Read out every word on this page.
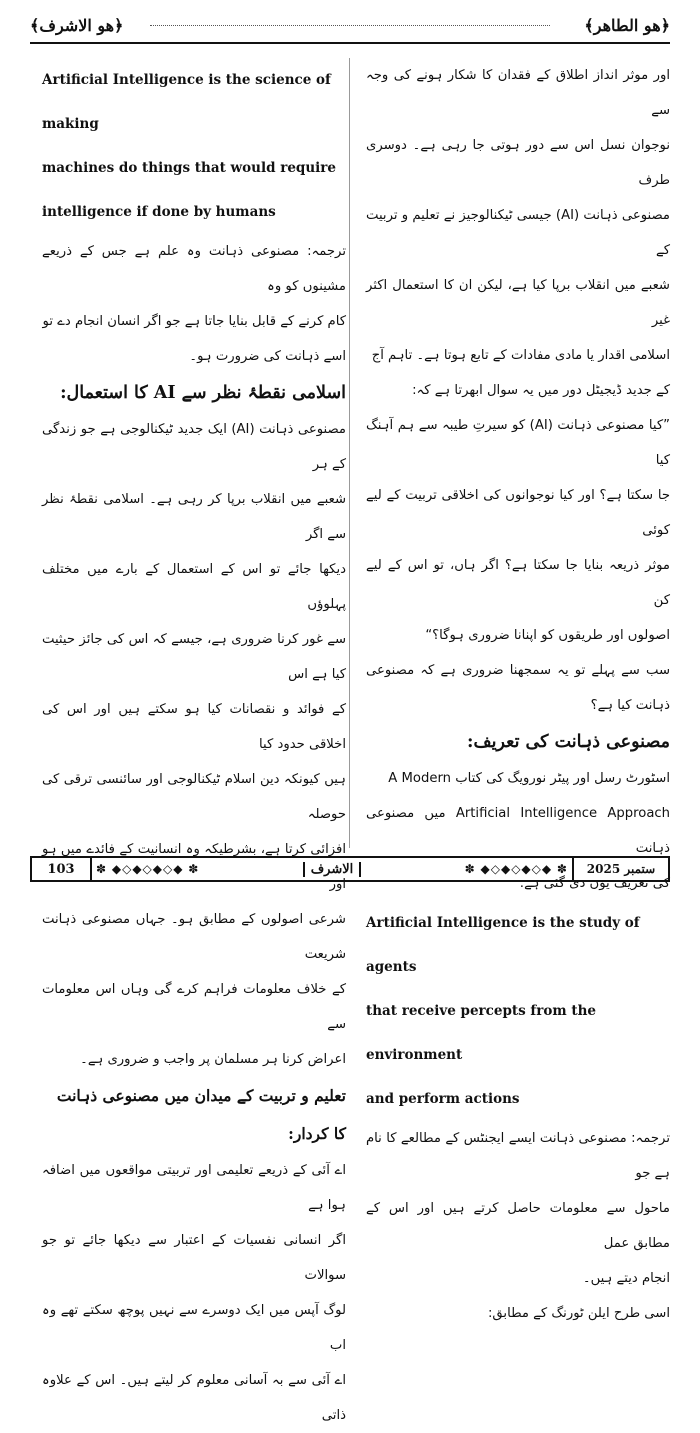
﴿هو الطاهر﴾
﴿هو الاشرف﴾

اور موثر انداز اطلاق کے فقدان کا شکار ہونے کی وجہ سے

نوجوان نسل اس سے دور ہوتی جا رہی ہے۔ دوسری طرف

مصنوعی ذہانت (AI) جیسی ٹیکنالوجیز نے تعلیم و تربیت کے

شعبے میں انقلاب برپا کیا ہے، لیکن ان کا استعمال اکثر غیر

اسلامی اقدار یا مادی مفادات کے تابع ہوتا ہے۔ تاہم آج

کے جدید ڈیجیٹل دور میں یہ سوال ابھرتا ہے کہ:

”کیا مصنوعی ذہانت (AI) کو سیرتِ طیبہ سے ہم آہنگ کیا

جا سکتا ہے؟ اور کیا نوجوانوں کی اخلاقی تربیت کے لیے کوئی

موثر ذریعہ بنایا جا سکتا ہے؟ اگر ہاں، تو اس کے لیے کن

اصولوں اور طریقوں کو اپنانا ضروری ہوگا؟“

سب سے پہلے تو یہ سمجھنا ضروری ہے کہ مصنوعی ذہانت کیا ہے؟

مصنوعی ذہانت کی تعریف:

اسٹورٹ رسل اور پیٹر نورویگ کی کتاب A Modern

Artificial Intelligence Approach میں مصنوعی ذہانت

کی تعریف یوں دی گئی ہے:

Artificial Intelligence is the study of agents

that receive percepts from the environment

and perform actions

ترجمہ: مصنوعی ذہانت ایسے ایجنٹس کے مطالعے کا نام ہے جو

ماحول سے معلومات حاصل کرتے ہیں اور اس کے مطابق عمل

انجام دیتے ہیں۔

اسی طرح ایلن ٹورنگ کے مطابق:

Artificial Intelligence is the science of making

machines do things that would require

intelligence if done by humans

ترجمہ: مصنوعی ذہانت وہ علم ہے جس کے ذریعے مشینوں کو وہ

کام کرنے کے قابل بنایا جاتا ہے جو اگر انسان انجام دے تو

اسے ذہانت کی ضرورت ہو۔

اسلامی نقطۂ نظر سے AI کا استعمال:

مصنوعی ذہانت (AI) ایک جدید ٹیکنالوجی ہے جو زندگی کے ہر

شعبے میں انقلاب برپا کر رہی ہے۔ اسلامی نقطۂ نظر سے اگر

دیکھا جائے تو اس کے استعمال کے بارے میں مختلف پہلوؤں

سے غور کرنا ضروری ہے، جیسے کہ اس کی جائز حیثیت کیا ہے اس

کے فوائد و نقصانات کیا ہو سکتے ہیں اور اس کی اخلاقی حدود کیا

ہیں کیونکہ دین اسلام ٹیکنالوجی اور سائنسی ترقی کی حوصلہ

افزائی کرتا ہے، بشرطیکہ وہ انسانیت کے فائدے میں ہو اور

شرعی اصولوں کے مطابق ہو۔ جہاں مصنوعی ذہانت شریعت

کے خلاف معلومات فراہم کرے گی وہاں اس معلومات سے

اعراض کرنا ہر مسلمان پر واجب و ضروری ہے۔

تعلیم و تربیت کے میدان میں مصنوعی ذہانت کا کردار:

اے آئی کے ذریعے تعلیمی اور تربیتی مواقعوں میں اضافہ ہوا ہے

اگر انسانی نفسیات کے اعتبار سے دیکھا جائے تو جو سوالات

لوگ آپس میں ایک دوسرے سے نہیں پوچھ سکتے تھے وہ اب

اے آئی سے بہ آسانی معلوم کر لیتے ہیں۔ اس کے علاوہ ذاتی

103	✽ ◆◇◆◇◆◇◆ ✽	الاشرف	✽ ◆◇◆◇◆◇◆ ✽	ستمبر 2025
